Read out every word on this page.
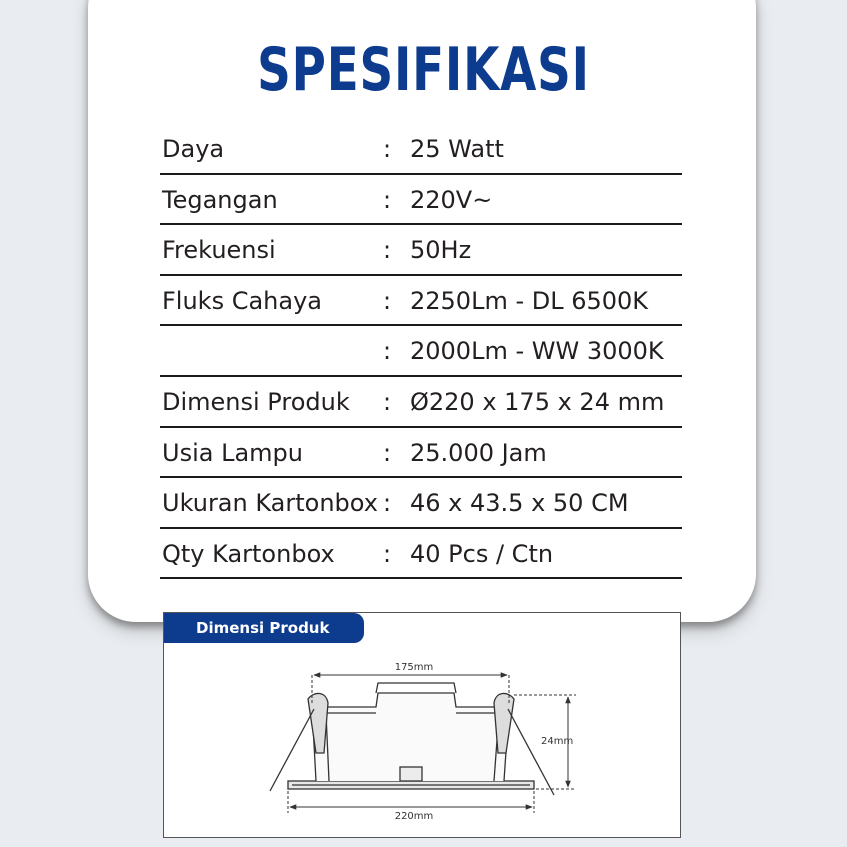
SPESIFIKASI
Daya	: 25 Watt
Tegangan	: 220V~
Frekuensi	: 50Hz
Fluks Cahaya	: 2250Lm - DL 6500K
: 2000Lm - WW 3000K
Dimensi Produk : Ø220 x 175 x 24 mm
Usia Lampu	: 25.000 Jam
Ukuran Kartonbox : 46 x 43.5 x 50 CM
Qty Kartonbox : 40 Pcs / Ctn
175mm
24mm
220mm
Dimensi Produk
